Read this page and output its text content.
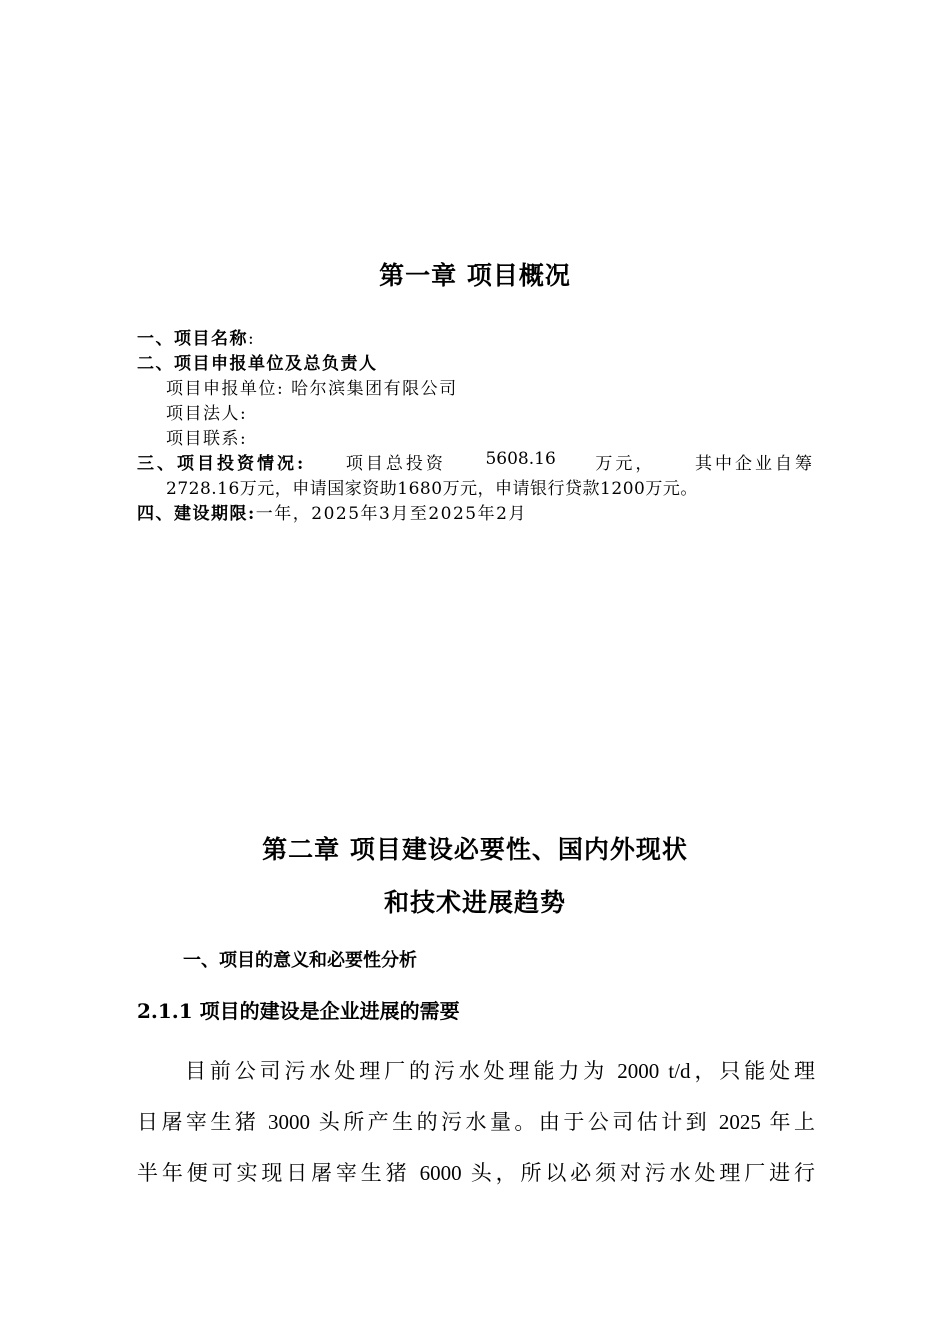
第一章 项目概况
一、项目名称:
二、项目申报单位及总负责人
项目申报单位: 哈尔滨集团有限公司
项目法人:
项目联系:
三、项目投资情况: 项目总投资 5608.16 万元， 其中企业自筹
2728.16万元，申请国家资助1680万元，申请银行贷款1200万元。
四、建设期限:一年，2025年3月至2025年2月
第二章 项目建设必要性、国内外现状
和技术进展趋势
一、项目的意义和必要性分析
2.1.1 项目的建设是企业进展的需要
目前公司污水处理厂的污水处理能力为 2000 t/d，只能处理
日屠宰生猪 3000 头所产生的污水量。由于公司估计到 2025 年上
半年便可实现日屠宰生猪 6000 头，所以必须对污水处理厂进行
